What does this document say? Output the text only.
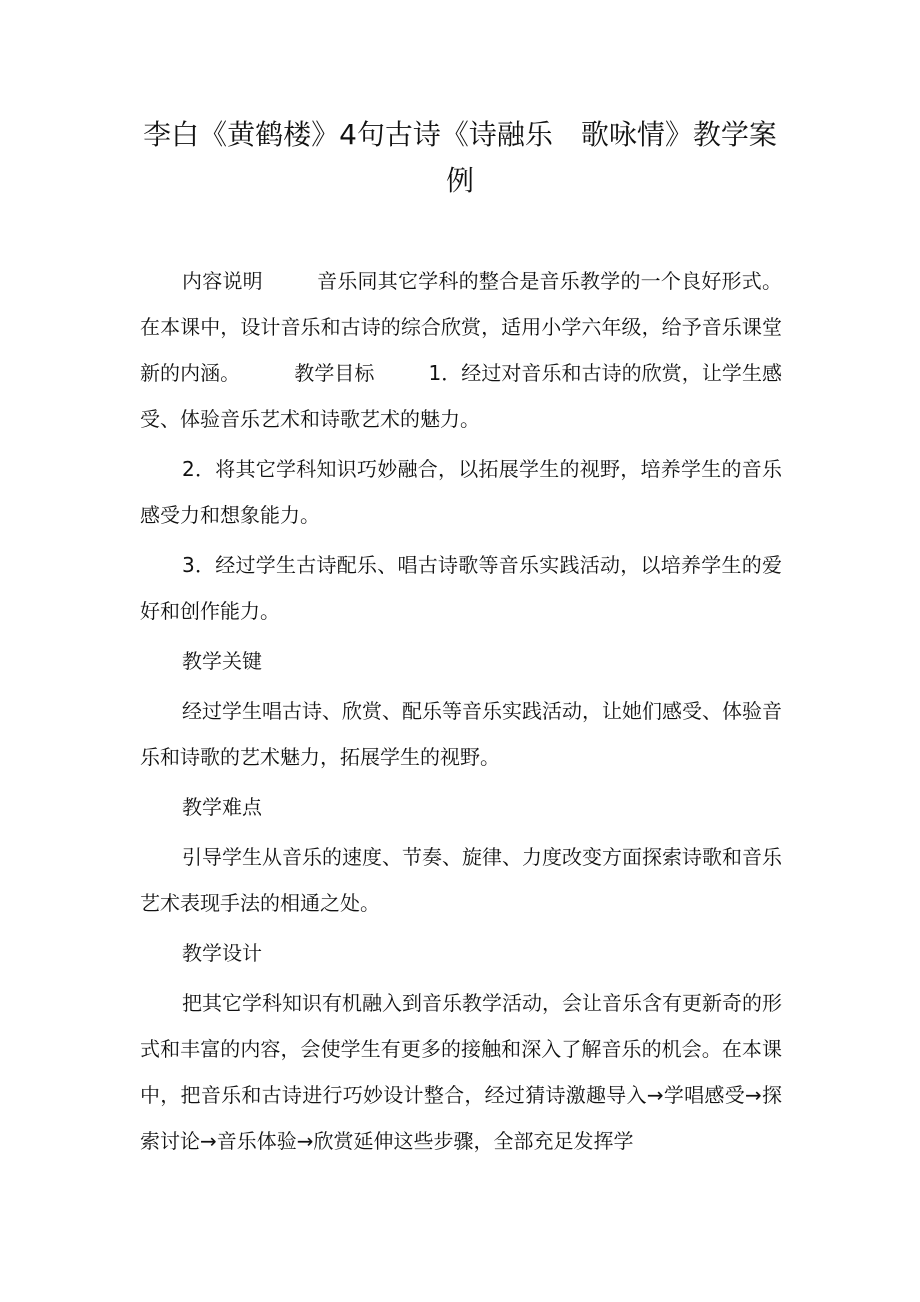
李白《黄鹤楼》4句古诗《诗融乐　歌咏情》教学案例

内容说明	音乐同其它学科的整合是音乐教学的一个良好形式。在本课中，设计音乐和古诗的综合欣赏，适用小学六年级，给予音乐课堂新的内涵。	教学目标	1．经过对音乐和古诗的欣赏，让学生感受、体验音乐艺术和诗歌艺术的魅力。

2．将其它学科知识巧妙融合，以拓展学生的视野，培养学生的音乐感受力和想象能力。

3．经过学生古诗配乐、唱古诗歌等音乐实践活动，以培养学生的爱好和创作能力。

教学关键

经过学生唱古诗、欣赏、配乐等音乐实践活动，让她们感受、体验音乐和诗歌的艺术魅力，拓展学生的视野。

教学难点

引导学生从音乐的速度、节奏、旋律、力度改变方面探索诗歌和音乐艺术表现手法的相通之处。

教学设计

把其它学科知识有机融入到音乐教学活动，会让音乐含有更新奇的形式和丰富的内容，会使学生有更多的接触和深入了解音乐的机会。在本课中，把音乐和古诗进行巧妙设计整合，经过猜诗激趣导入→学唱感受→探索讨论→音乐体验→欣赏延伸这些步骤，全部充足发挥学
